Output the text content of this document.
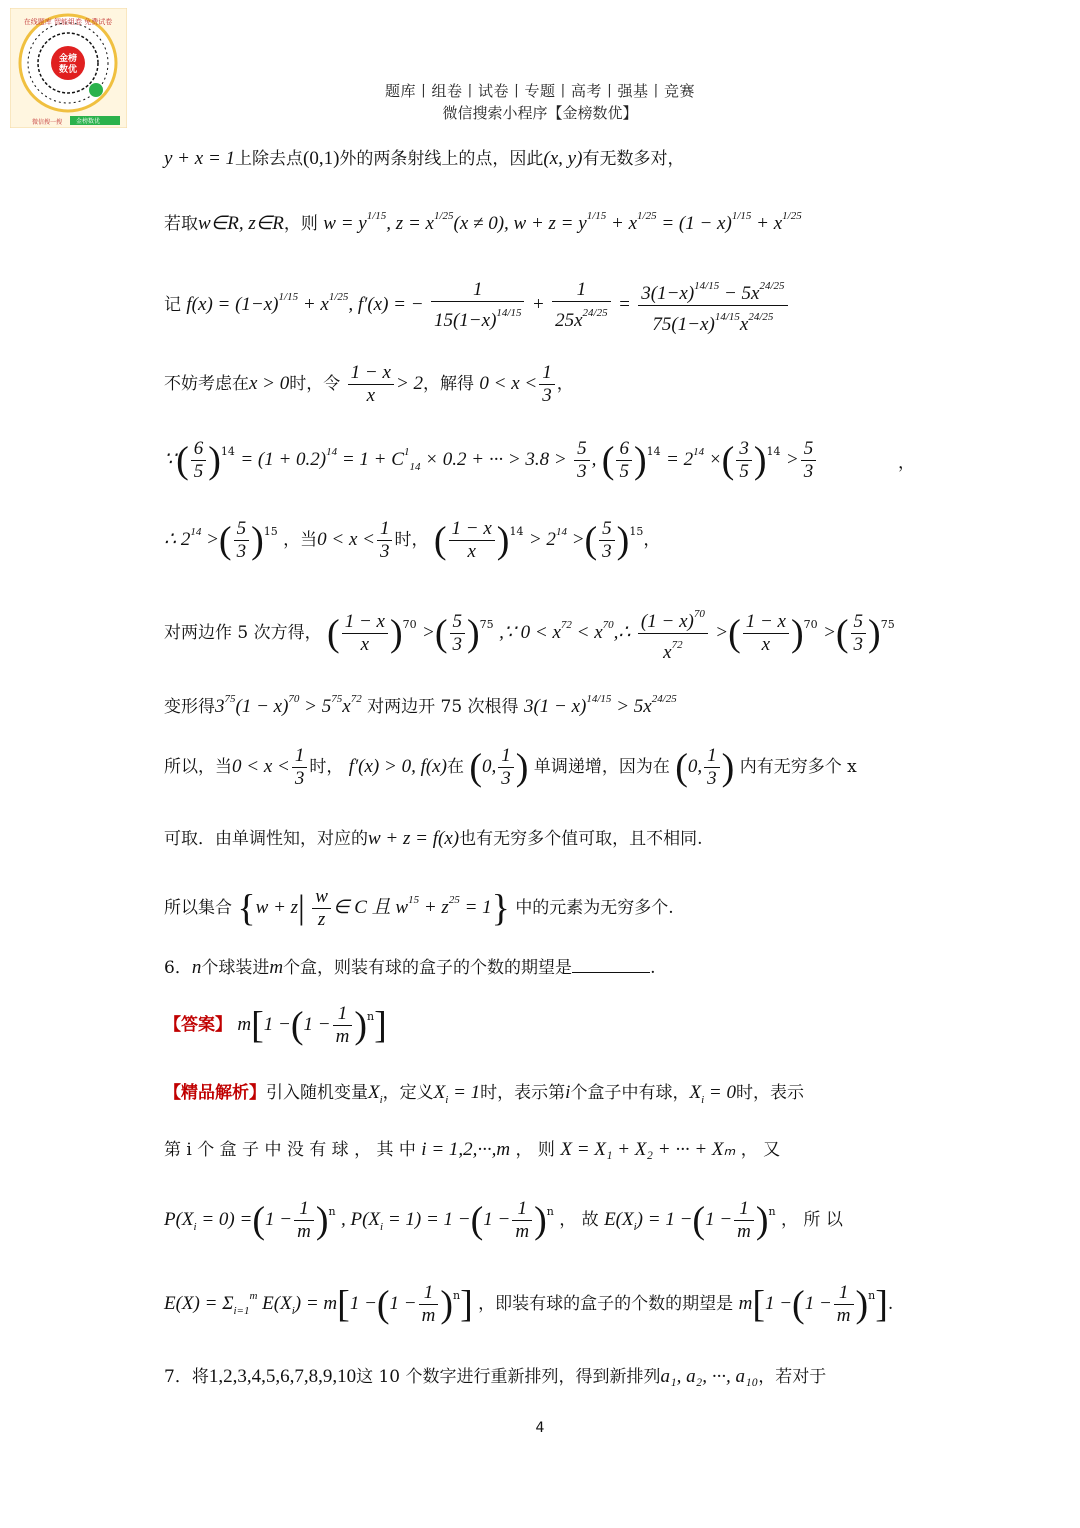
金榜
数优
在线题库 智能组卷 免费试卷
微信搜一搜 金榜数优
题库丨组卷丨试卷丨专题丨高考丨强基丨竞赛
微信搜索小程序【金榜数优】
y + x = 1上除去点(0,1)外的两条射线上的点，因此(x, y)有无数多对，
若取w∈R, z∈R，则 $w = y^{1/15}$, $z = x^{1/25}(x \ne 0)$, $w + z = y^{1/15} + x^{1/25} = (1 - x)^{1/15} + x^{1/25}$
记 $f(x) = (1-x)^{1/15} + x^{1/25}$, f′(x) = − $\frac{1}{15(1-x)^{14/15}} + \frac{1}{25x^{24/25}} = \frac{3(1-x)^{14/15} - 5x^{24/25}}{75(1-x)^{14/15}x^{24/25}}$
不妨考虑在x > 0时，令 $\frac{1 - x}{x} > 2$，解得 $0 < x < \frac{1}{3}$ ，
∵( $\frac{6}{5} )^{14} = (1 + 0.2)^{14} = 1 + C^1_{14} \times 0.2$ + ··· > $3.8 > \frac{5}{3}$ , ( $\frac{6}{5} )^{14} = 2^{14}$ ×( $\frac{3}{5} )^{14} > \frac{5}{3}$	，
∴ $2^{14}$ >( $\frac{5}{3} )^{15}$ ，当$0 < x < \frac{1}{3}$ 时， ( $\frac{1 - x}{x} )^{14} > 2^{14}$ >( $\frac{5}{3} )^{15}$，
对两边作 5 次方得， ( $\frac{1 - x}{x} )^{70}$ >( $\frac{5}{3} )^{75}$ ,∵ $0 < x^{72}$ < $x^{70},\therefore \frac{(1 - x)^{70}}{x^{72}}$ >( $\frac{1 - x}{x} )^{70}$ >( $\frac{5}{3} )^{75}$
变形得$3^{75}(1 - x)^{70} > 5^{75}x^{72}$ 对两边开 75 次根得 $3(1 - x)^{14/15} > 5x^{24/25}$
所以，当$0 < x < \frac{1}{3}$ 时， f′(x) > 0, f(x)在 (0, $\frac{1}{3}$ ) 单调递增，因为在 (0, $\frac{1}{3}$ ) 内有无穷多个 x
可取．由单调性知，对应的w + z = f(x)也有无穷多个值可取，且不相同.
所以集合 {$w + z| \frac{w}{z}$ ∈ C 且 $w^{15} + z^{25} = 1$} 中的元素为无穷多个.
6．n个球装进m个盒，则装有球的盒子的个数的期望是	.
【答案】 $m[1 -(1 - \frac{1}{m} )^n]$
【精品解析】引入随机变量$X_i$，定义$X_i = 1$时，表示第i个盒子中有球，$X_i = 0$时，表示
第 i 个 盒 子 中 没 有 球 ， 其 中 i = 1,2,···,m ， 则 X = X₁ + X₂ + ··· + Xₘ ， 又
$P(X_i = 0) =(1 - \frac{1}{m} )^n$ , $P(X_i = 1) = 1 -(1 - \frac{1}{m} )^n$ ， 故 $E(X_i) = 1 -(1 - \frac{1}{m} )^n$ ， 所 以
$E(X) = \Sigma_{i=1}^m$ $E(X_i) = m[1 -(1 - \frac{1}{m} )^n]$ ，即装有球的盒子的个数的期望是 $m[1 -(1 - \frac{1}{m} )^n]$.
7．将1,2,3,4,5,6,7,8,9,10这 10 个数字进行重新排列，得到新排列a₁, a₂, ···, a₁₀，若对于
4
